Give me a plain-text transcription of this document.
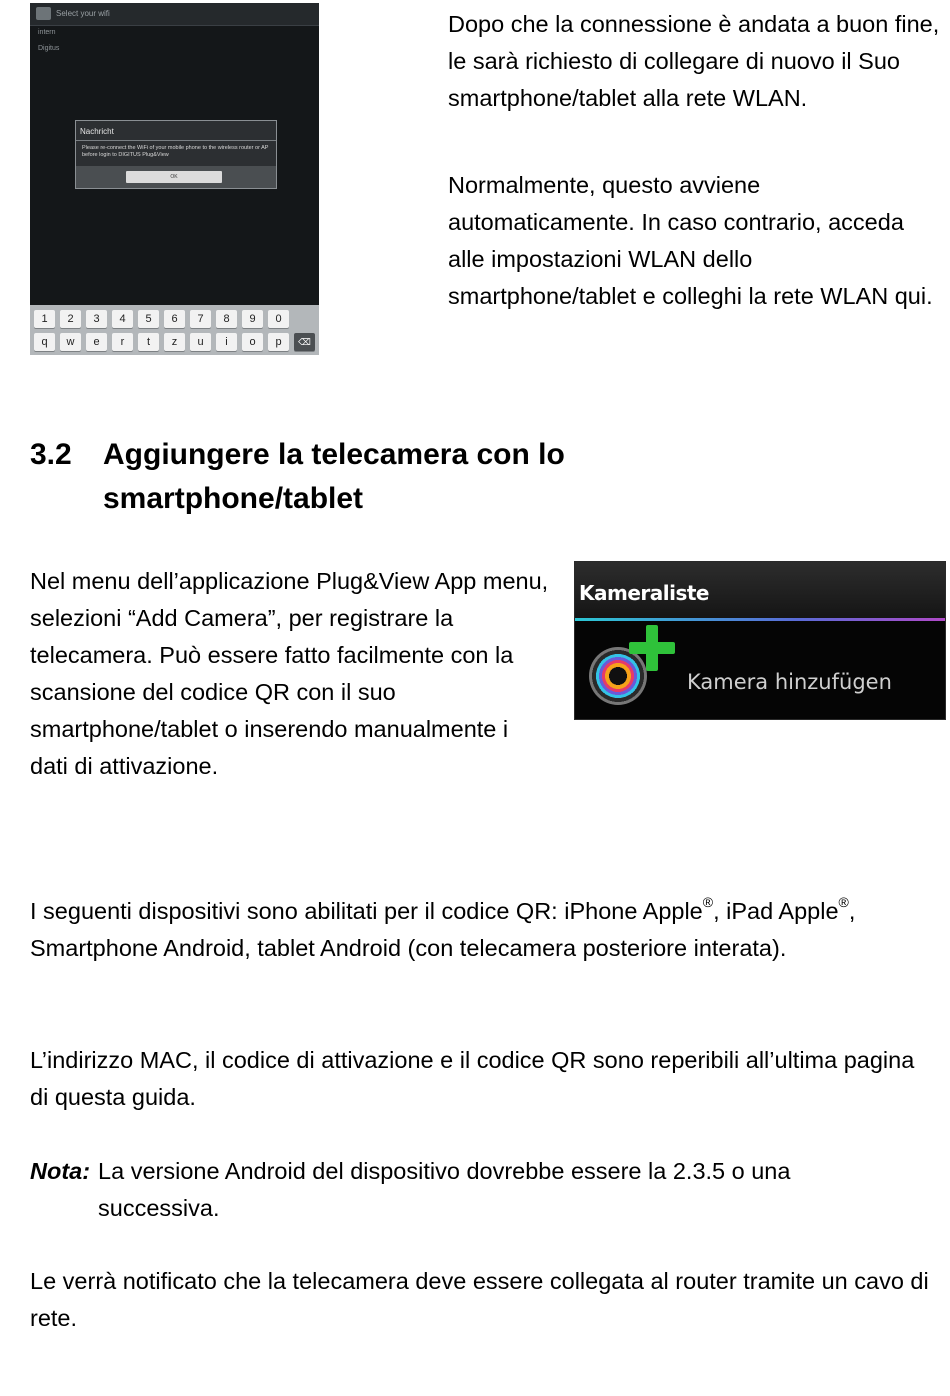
Select your wifi
intern
Digitus
Nachricht
Please re-connect the WiFi of your mobile phone to the wireless router or AP before login to DIGITUS Plug&View
OK
1	2	3	4	5	6	7	8	9	0
q	w	e	r	t	z	u	i	o	p	⌫

Dopo che la connessione è andata a buon fine, le sarà richiesto di collegare di nuovo il Suo smartphone/tablet alla rete WLAN.

Normalmente, questo avviene automaticamente. In caso contrario, acceda alle impostazioni WLAN dello smartphone/tablet e colleghi la rete WLAN qui.

3.2 Aggiungere la telecamera con lo smartphone/tablet

Nel menu dell’applicazione Plug&View App menu, selezioni “Add Camera”, per registrare la telecamera. Può essere fatto facilmente con la scansione del codice QR con il suo smartphone/tablet o inserendo manualmente i dati di attivazione.

Kameraliste
Kamera hinzufügen

I seguenti dispositivi sono abilitati per il codice QR: iPhone Apple®, iPad Apple®, Smartphone Android, tablet Android (con telecamera posteriore interata).

L’indirizzo MAC, il codice di attivazione e il codice QR sono reperibili all’ultima pagina di questa guida.

Nota: La versione Android del dispositivo dovrebbe essere la 2.3.5 o una successiva.

Le verrà notificato che la telecamera deve essere collegata al router tramite un cavo di rete.
